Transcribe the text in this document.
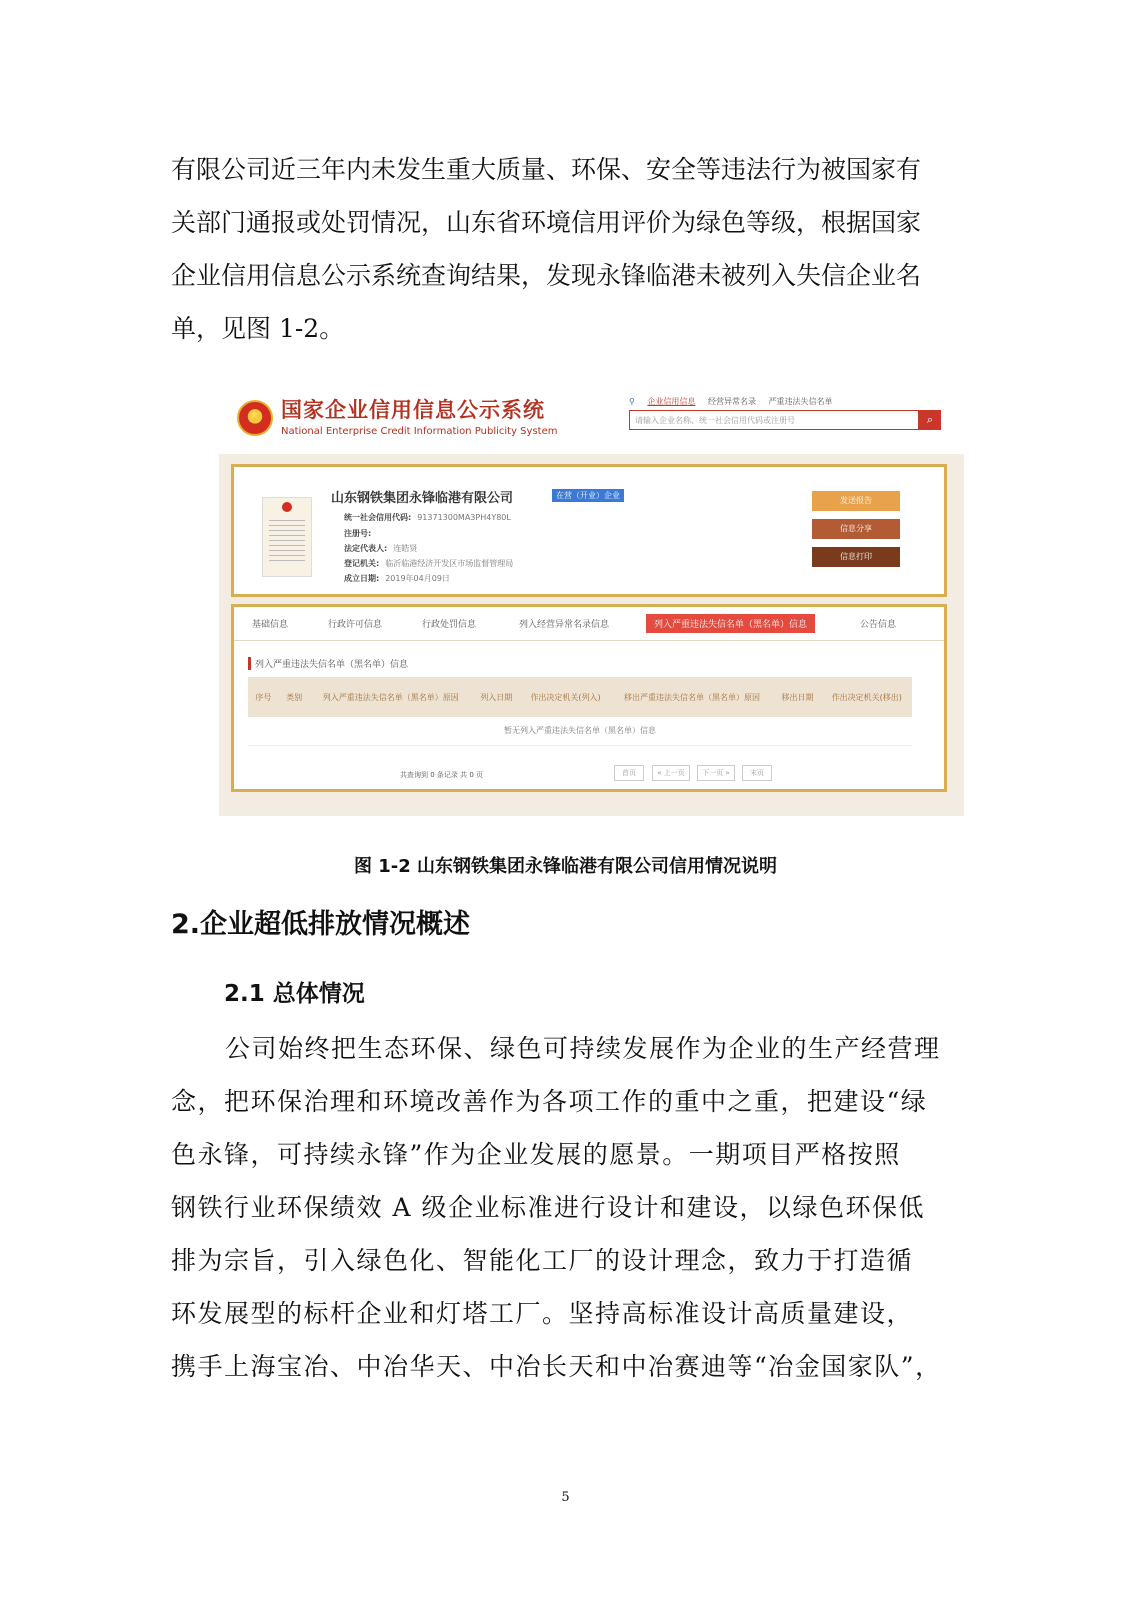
有限公司近三年内未发生重大质量、环保、安全等违法行为被国家有
关部门通报或处罚情况，山东省环境信用评价为绿色等级，根据国家
企业信用信息公示系统查询结果，发现永锋临港未被列入失信企业名
单，见图 1-2。
★
国家企业信用信息公示系统
National Enterprise Credit Information Publicity System
⚲ 企业信用信息 经营异常名录 严重违法失信名单
请输入企业名称、统一社会信用代码或注册号	⌕
山东钢铁集团永锋临港有限公司	在营（开业）企业
统一社会信用代码: 91371300MA3PH4Y80L
注册号:
法定代表人: 连皓贤
登记机关: 临沂临港经济开发区市场监督管理局
成立日期: 2019年04月09日
发送报告
信息分享
信息打印
基础信息	行政许可信息	行政处罚信息	列入经营异常名录信息	列入严重违法失信名单（黑名单）信息	公告信息
列入严重违法失信名单（黑名单）信息
序号	类别	列入严重违法失信名单（黑名单）原因	列入日期	作出决定机关(列入)	移出严重违法失信名单（黑名单）原因	移出日期	作出决定机关(移出)
暂无列入严重违法失信名单（黑名单）信息
共查询到 0 条记录 共 0 页	首页	« 上一页	下一页 »	末页
图 1-2 山东钢铁集团永锋临港有限公司信用情况说明
2.企业超低排放情况概述
2.1 总体情况
公司始终把生态环保、绿色可持续发展作为企业的生产经营理
念，把环保治理和环境改善作为各项工作的重中之重，把建设“绿
色永锋，可持续永锋”作为企业发展的愿景。一期项目严格按照
钢铁行业环保绩效 A 级企业标准进行设计和建设，以绿色环保低
排为宗旨，引入绿色化、智能化工厂的设计理念，致力于打造循
环发展型的标杆企业和灯塔工厂。坚持高标准设计高质量建设，
携手上海宝冶、中冶华天、中冶长天和中冶赛迪等“冶金国家队”，
5
